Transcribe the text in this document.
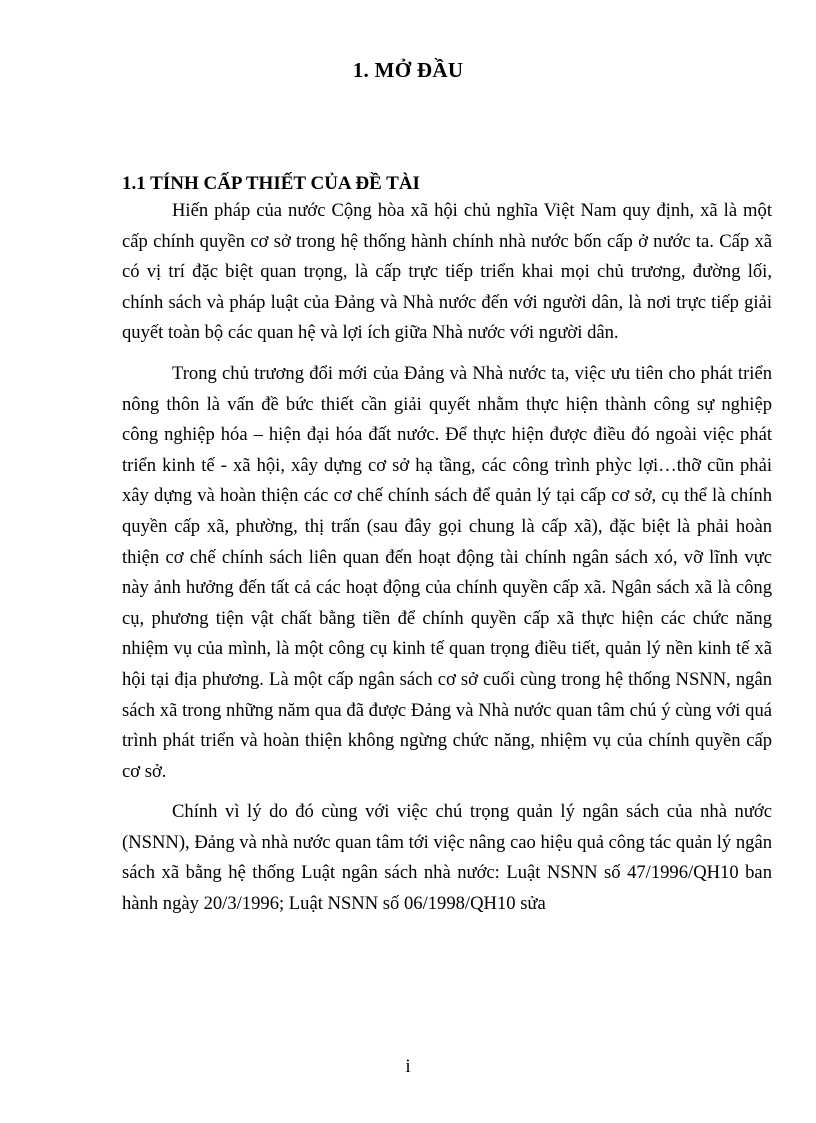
1. MỞ ĐẦU
1.1 TÍNH CẤP THIẾT CỦA ĐỀ TÀI

Hiến pháp của nước Cộng hòa xã hội chủ nghĩa Việt Nam quy định, xã là một cấp chính quyền cơ sở trong hệ thống hành chính nhà nước bốn cấp ở nước ta. Cấp xã có vị trí đặc biệt quan trọng, là cấp trực tiếp triển khai mọi chủ trương, đường lối, chính sách và pháp luật của Đảng và Nhà nước đến với người dân, là nơi trực tiếp giải quyết toàn bộ các quan hệ và lợi ích giữa Nhà nước với người dân.

Trong chủ trương đổi mới của Đảng và Nhà nước ta, việc ưu tiên cho phát triển nông thôn là vấn đề bức thiết cần giải quyết nhằm thực hiện thành công sự nghiệp công nghiệp hóa – hiện đại hóa đất nước. Để thực hiện được điều đó ngoài việc phát triển kinh tế - xã hội, xây dựng cơ sở hạ tầng, các công trình phỳc lợi…thỡ cũn phải xây dựng và hoàn thiện các cơ chế chính sách để quản lý tại cấp cơ sở, cụ thể là chính quyền cấp xã, phường, thị trấn (sau đây gọi chung là cấp xã), đặc biệt là phải hoàn thiện cơ chế chính sách liên quan đến hoạt động tài chính ngân sách xó, vỡ lĩnh vực này ảnh hưởng đến tất cả các hoạt động của chính quyền cấp xã. Ngân sách xã là công cụ, phương tiện vật chất bằng tiền để chính quyền cấp xã thực hiện các chức năng nhiệm vụ của mình, là một công cụ kinh tế quan trọng điều tiết, quản lý nền kinh tế xã hội tại địa phương. Là một cấp ngân sách cơ sở cuối cùng trong hệ thống NSNN, ngân sách xã trong những năm qua đã được Đảng và Nhà nước quan tâm chú ý cùng với quá trình phát triển và hoàn thiện không ngừng chức năng, nhiệm vụ của chính quyền cấp cơ sở.

Chính vì lý do đó cùng với việc chú trọng quản lý ngân sách của nhà nước (NSNN), Đảng và nhà nước quan tâm tới việc nâng cao hiệu quả công tác quản lý ngân sách xã bằng hệ thống Luật ngân sách nhà nước: Luật NSNN số 47/1996/QH10 ban hành ngày 20/3/1996; Luật NSNN số 06/1998/QH10 sửa

i
